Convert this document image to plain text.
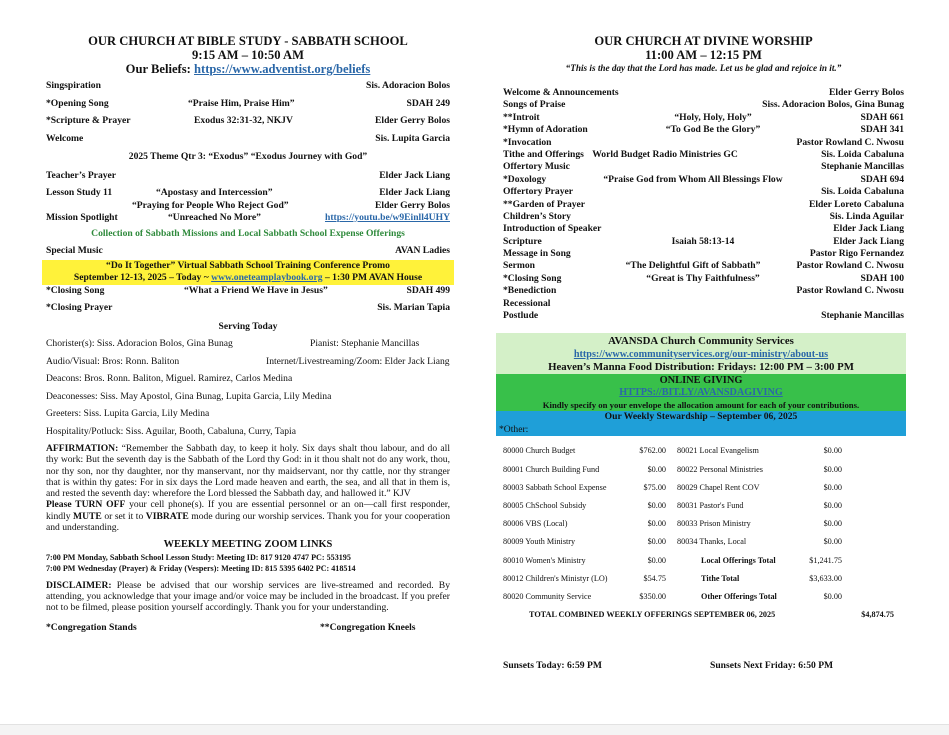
OUR CHURCH AT BIBLE STUDY - SABBATH SCHOOL
9:15 AM – 10:50 AM
Our Beliefs: https://www.adventist.org/beliefs
Singspiration	Sis. Adoracion Bolos
*Opening Song	“Praise Him, Praise Him”	SDAH 249
*Scripture & Prayer	Exodus 32:31-32, NKJV	Elder Gerry Bolos
Welcome	Sis. Lupita Garcia
2025 Theme Qtr 3: “Exodus” “Exodus Journey with God”
Teacher’s Prayer	Elder Jack Liang
Lesson Study 11	“Apostasy and Intercession”	Elder Jack Liang
“Praying for People Who Reject God”	Elder Gerry Bolos
Mission Spotlight	“Unreached No More”	https://youtu.be/w9Einll4UHY
Collection of Sabbath Missions and Local Sabbath School Expense Offerings
Special Music	AVAN Ladies
“Do It Together” Virtual Sabbath School Training Conference Promo
September 12-13, 2025 – Today ~ www.oneteamplaybook.org – 1:30 PM AVAN House
*Closing Song	“What a Friend We Have in Jesus”	SDAH 499
*Closing Prayer	Sis. Marian Tapia
Serving Today
Chorister(s): Siss. Adoracion Bolos, Gina Bunag	Pianist: Stephanie Mancillas
Audio/Visual: Bros: Ronn. Baliton	Internet/Livestreaming/Zoom: Elder Jack Liang
Deacons: Bros. Ronn. Baliton, Miguel. Ramirez, Carlos Medina
Deaconesses: Siss. May Apostol, Gina Bunag, Lupita Garcia, Lily Medina
Greeters: Siss. Lupita Garcia, Lily Medina
Hospitality/Potluck: Siss. Aguilar, Booth, Cabaluna, Curry, Tapia
AFFIRMATION: “Remember the Sabbath day, to keep it holy. Six days shalt thou labour, and do all thy work: But the seventh day is the Sabbath of the Lord thy God: in it thou shalt not do any work, thou, nor thy son, nor thy daughter, nor thy manservant, nor thy maidservant, nor thy cattle, nor thy stranger that is within thy gates: For in six days the Lord made heaven and earth, the sea, and all that in them is, and rested the seventh day: wherefore the Lord blessed the Sabbath day, and hallowed it.” KJV
Please TURN OFF your cell phone(s). If you are essential personnel or an on—call first responder, kindly MUTE or set it to VIBRATE mode during our worship services. Thank you for your cooperation and understanding.
WEEKLY MEETING ZOOM LINKS
7:00 PM Monday, Sabbath School Lesson Study: Meeting ID: 817 9120 4747 PC: 553195
7:00 PM Wednesday (Prayer) & Friday (Vespers): Meeting ID: 815 5395 6402 PC: 418514
DISCLAIMER: Please be advised that our worship services are live-streamed and recorded. By attending, you acknowledge that your image and/or voice may be included in the broadcast. If you prefer not to be filmed, please position yourself accordingly. Thank you for your understanding.
*Congregation Stands	**Congregation Kneels
OUR CHURCH AT DIVINE WORSHIP
11:00 AM – 12:15 PM
“This is the day that the Lord has made. Let us be glad and rejoice in it.”
Welcome & Announcements	Elder Gerry Bolos
Songs of Praise	Siss. Adoracion Bolos, Gina Bunag
**Introit	“Holy, Holy, Holy”	SDAH 661
*Hymn of Adoration	“To God Be the Glory”	SDAH 341
*Invocation	Pastor Rowland C. Nwosu
Tithe and Offerings World Budget Radio Ministries GC	Sis. Loida Cabaluna
Offertory Music	Stephanie Mancillas
*Doxology	“Praise God from Whom All Blessings Flow	SDAH 694
Offertory Prayer	Sis. Loida Cabaluna
**Garden of Prayer	Elder Loreto Cabaluna
Children’s Story	Sis. Linda Aguilar
Introduction of Speaker	Elder Jack Liang
Scripture	Isaiah 58:13-14	Elder Jack Liang
Message in Song	Pastor Rigo Fernandez
Sermon	“The Delightful Gift of Sabbath”	Pastor Rowland C. Nwosu
*Closing Song	“Great is Thy Faithfulness”	SDAH 100
*Benediction	Pastor Rowland C. Nwosu
Recessional
Postlude	Stephanie Mancillas
AVANSDA Church Community Services
https://www.communityservices.org/our-ministry/about-us
Heaven’s Manna Food Distribution: Fridays: 12:00 PM – 3:00 PM
ONLINE GIVING
HTTPS://BIT.LY/AVANSDAGIVING
Kindly specify on your envelope the allocation amount for each of your contributions.
Our Weekly Stewardship – September 06, 2025
*Other:
80000 Church Budget	$762.00 80021 Local Evangelism	$0.00
80001 Church Building Fund	$0.00 80022 Personal Ministries	$0.00
80003 Sabbath School Expense	$75.00 80029 Chapel Rent COV	$0.00
80005 ChSchool Subsidy	$0.00 80031 Pastor's Fund	$0.00
80006 VBS (Local)	$0.00 80033 Prison Ministry	$0.00
80009 Youth Ministry	$0.00 80034 Thanks, Local	$0.00
80010 Women's Ministry	$0.00	Local Offerings Total	$1,241.75
80012 Children's Ministyr (LO)	$54.75	Tithe Total	$3,633.00
80020 Community Service	$350.00	Other Offerings Total	$0.00
TOTAL COMBINED WEEKLY OFFERINGS SEPTEMBER 06, 2025	$4,874.75
Sunsets Today: 6:59 PM	Sunsets Next Friday: 6:50 PM
